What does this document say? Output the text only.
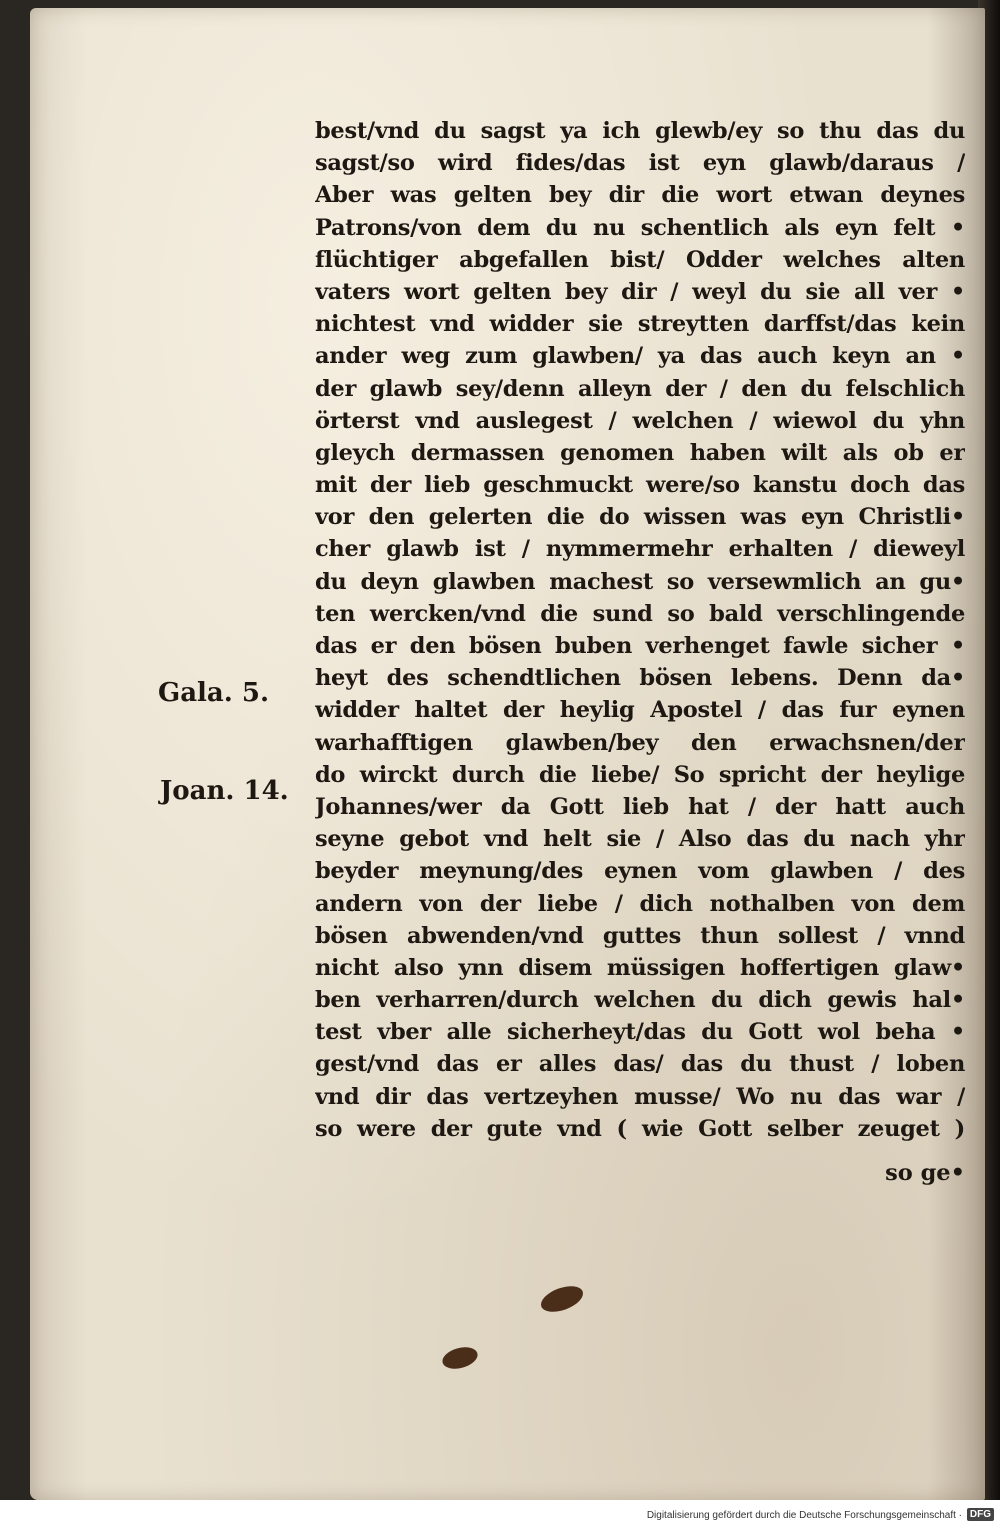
best/vnd du sagst ya ich glewb/ey so thu das du
sagst/so wird fides/das ist eyn glawb/daraus /
Aber was gelten bey dir die wort etwan deynes
Patrons/von dem du nu schentlich als eyn felt •
flüchtiger abgefallen bist/ Odder welches alten
vaters wort gelten bey dir / weyl du sie all ver •
nichtest vnd widder sie streytten darffst/das kein
ander weg zum glawben/ ya das auch keyn an •
der glawb sey/denn alleyn der / den du felschlich
örterst vnd auslegest / welchen / wiewol du yhn
gleych dermassen genomen haben wilt als ob er
mit der lieb geschmuckt were/so kanstu doch das
vor den gelerten die do wissen was eyn Christli•
cher glawb ist / nymmermehr erhalten / dieweyl
du deyn glawben machest so versewmlich an gu•
ten wercken/vnd die sund so bald verschlingende
das er den bösen buben verhenget fawle sicher •
heyt des schendtlichen bösen lebens. Denn da•
widder haltet der heylig Apostel / das fur eynen
warhafftigen glawben/bey den erwachsnen/der
do wirckt durch die liebe/ So spricht der heylige
Johannes/wer da Gott lieb hat / der hatt auch
seyne gebot vnd helt sie / Also das du nach yhr
beyder meynung/des eynen vom glawben / des
andern von der liebe / dich nothalben von dem
bösen abwenden/vnd guttes thun sollest / vnnd
nicht also ynn disem müssigen hoffertigen glaw•
ben verharren/durch welchen du dich gewis hal•
test vber alle sicherheyt/das du Gott wol beha •
gest/vnd das er alles das/ das du thust / loben
vnd dir das vertzeyhen musse/ Wo nu das war /
so were der gute vnd ( wie Gott selber zeuget )
so ge•
Gala. 5.
Joan. 14.
Digitalisierung gefördert durch die Deutsche Forschungsgemeinschaft · DFG
